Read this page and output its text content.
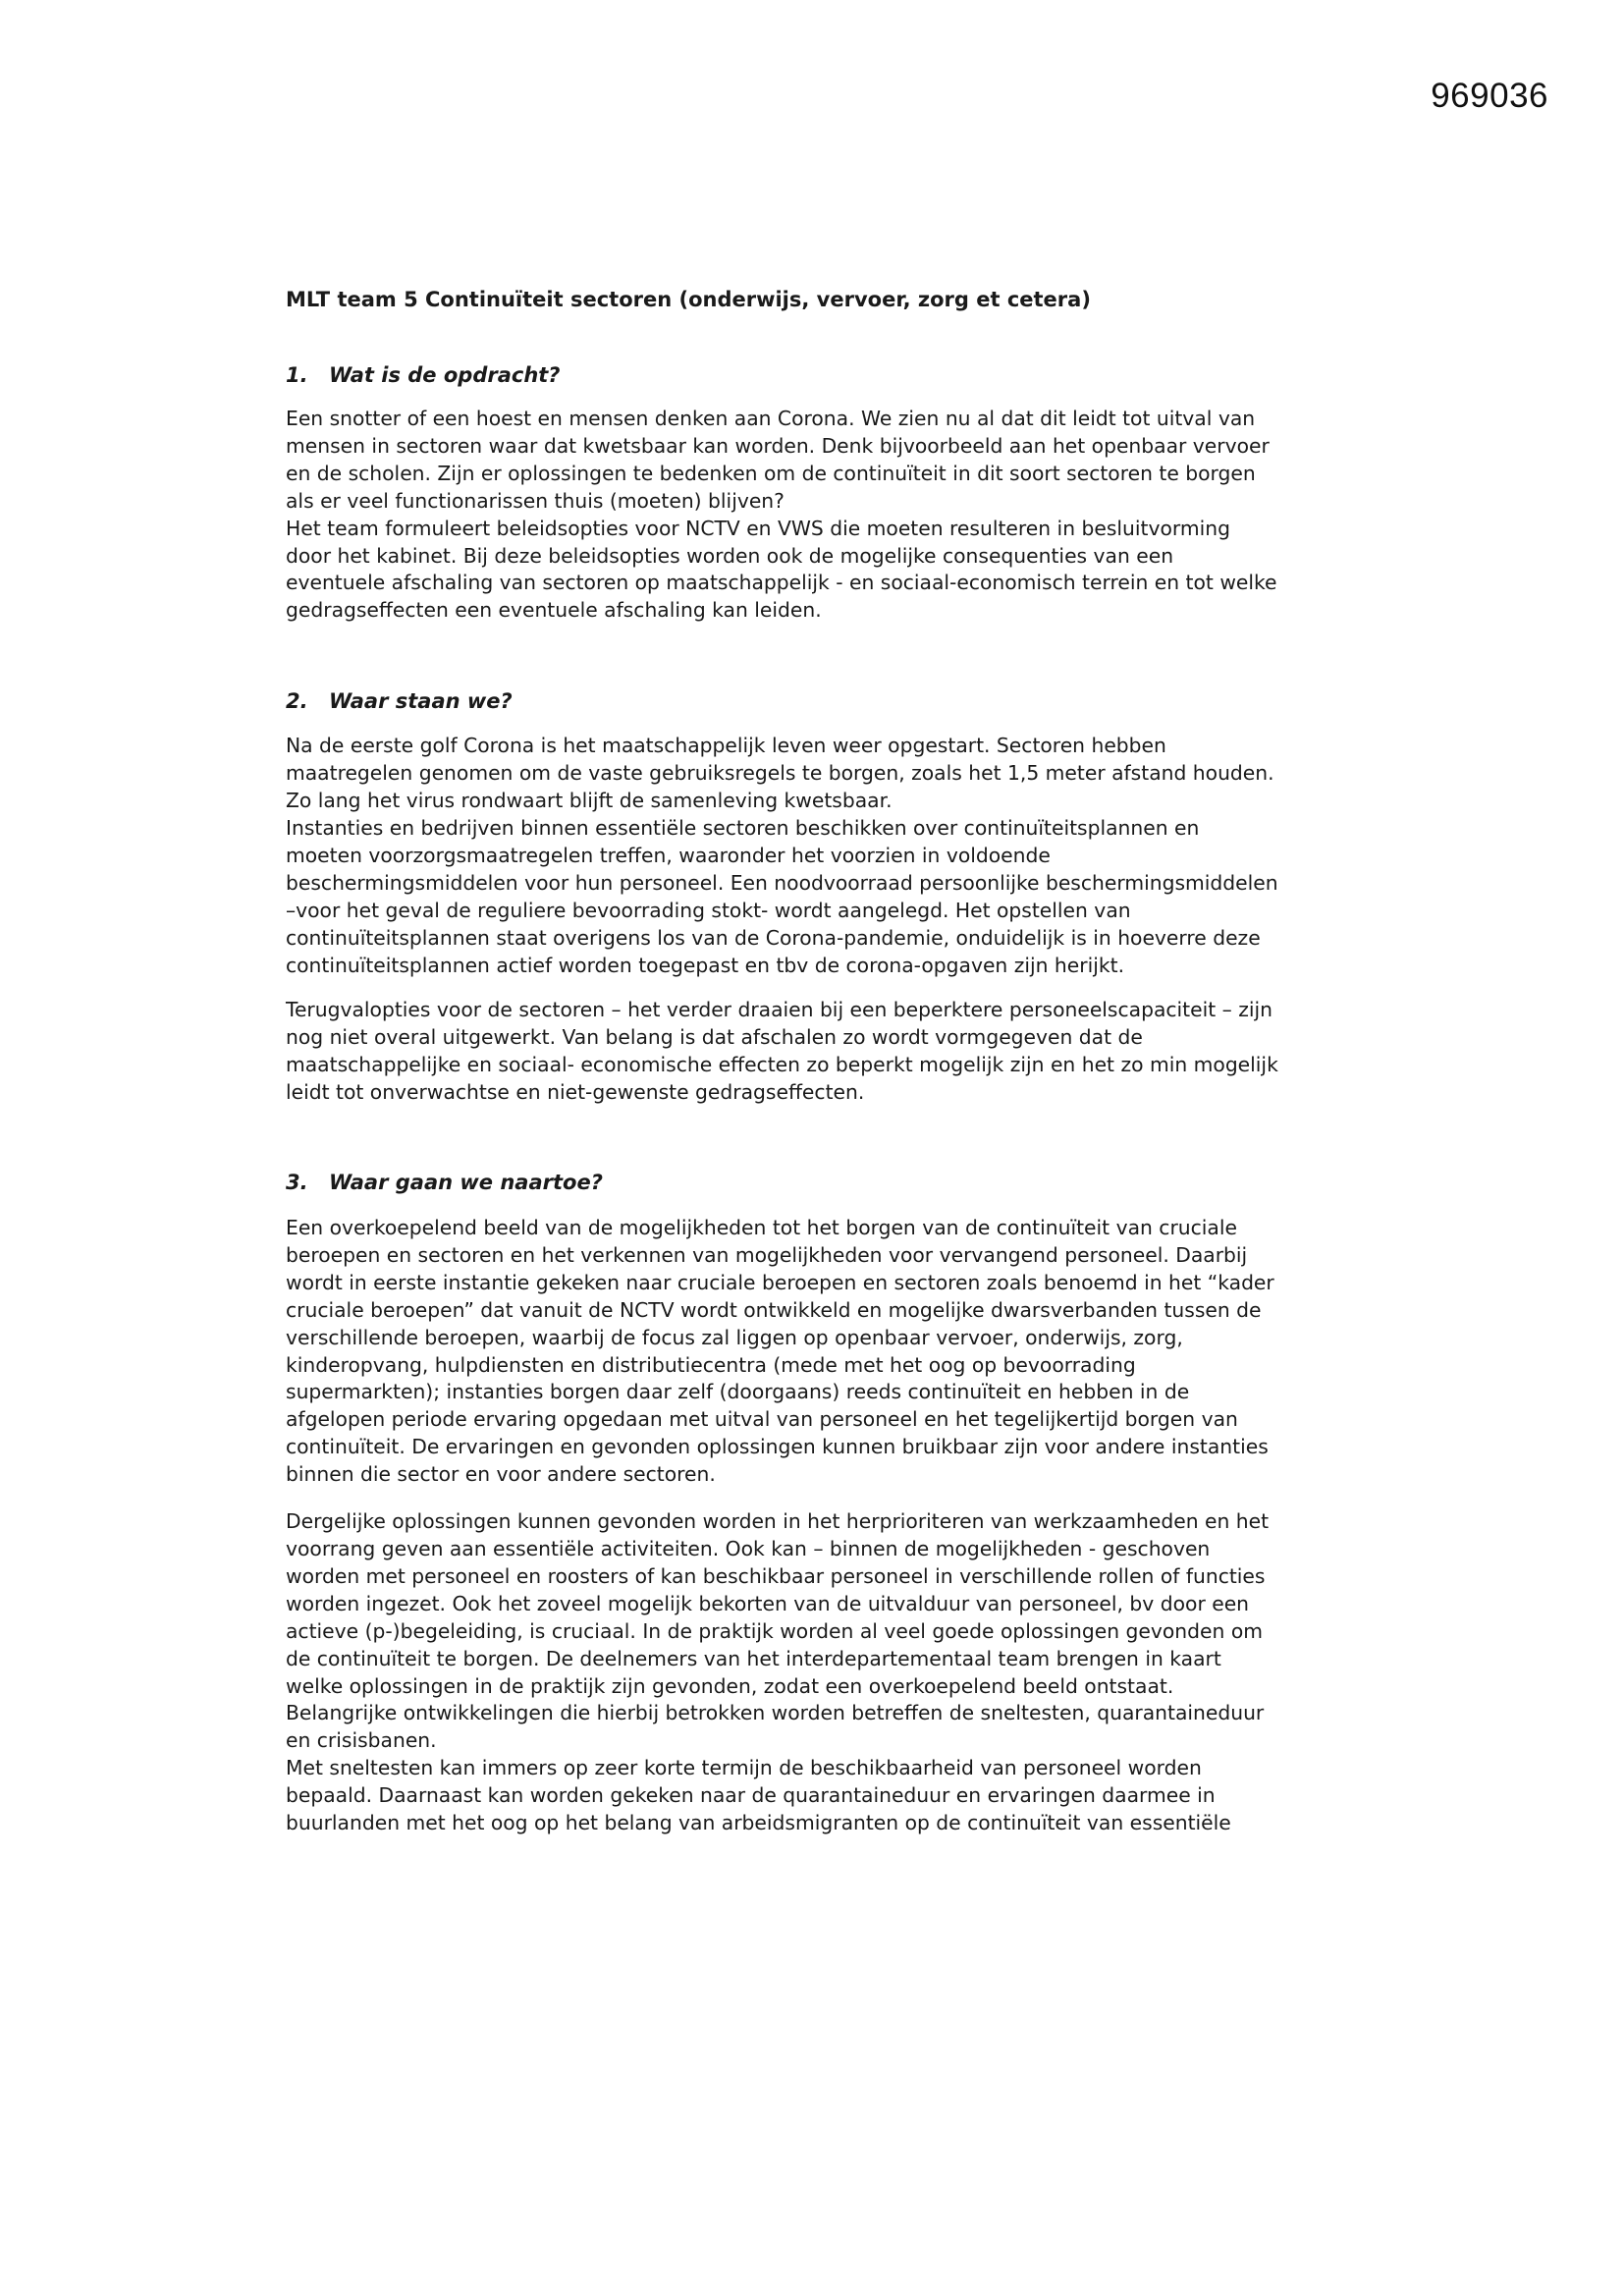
969036
MLT team 5 Continuïteit sectoren (onderwijs, vervoer, zorg et cetera)
1. Wat is de opdracht?

Een snotter of een hoest en mensen denken aan Corona. We zien nu al dat dit leidt tot uitval van
mensen in sectoren waar dat kwetsbaar kan worden. Denk bijvoorbeeld aan het openbaar vervoer
en de scholen. Zijn er oplossingen te bedenken om de continuïteit in dit soort sectoren te borgen
als er veel functionarissen thuis (moeten) blijven?
Het team formuleert beleidsopties voor NCTV en VWS die moeten resulteren in besluitvorming
door het kabinet. Bij deze beleidsopties worden ook de mogelijke consequenties van een
eventuele afschaling van sectoren op maatschappelijk - en sociaal-economisch terrein en tot welke
gedragseffecten een eventuele afschaling kan leiden.

2. Waar staan we?

Na de eerste golf Corona is het maatschappelijk leven weer opgestart. Sectoren hebben
maatregelen genomen om de vaste gebruiksregels te borgen, zoals het 1,5 meter afstand houden.
Zo lang het virus rondwaart blijft de samenleving kwetsbaar.
Instanties en bedrijven binnen essentiële sectoren beschikken over continuïteitsplannen en
moeten voorzorgsmaatregelen treffen, waaronder het voorzien in voldoende
beschermingsmiddelen voor hun personeel. Een noodvoorraad persoonlijke beschermingsmiddelen
–voor het geval de reguliere bevoorrading stokt- wordt aangelegd. Het opstellen van
continuïteitsplannen staat overigens los van de Corona-pandemie, onduidelijk is in hoeverre deze
continuïteitsplannen actief worden toegepast en tbv de corona-opgaven zijn herijkt.

Terugvalopties voor de sectoren – het verder draaien bij een beperktere personeelscapaciteit – zijn
nog niet overal uitgewerkt. Van belang is dat afschalen zo wordt vormgegeven dat de
maatschappelijke en sociaal- economische effecten zo beperkt mogelijk zijn en het zo min mogelijk
leidt tot onverwachtse en niet-gewenste gedragseffecten.

3. Waar gaan we naartoe?

Een overkoepelend beeld van de mogelijkheden tot het borgen van de continuïteit van cruciale
beroepen en sectoren en het verkennen van mogelijkheden voor vervangend personeel. Daarbij
wordt in eerste instantie gekeken naar cruciale beroepen en sectoren zoals benoemd in het “kader
cruciale beroepen” dat vanuit de NCTV wordt ontwikkeld en mogelijke dwarsverbanden tussen de
verschillende beroepen, waarbij de focus zal liggen op openbaar vervoer, onderwijs, zorg,
kinderopvang, hulpdiensten en distributiecentra (mede met het oog op bevoorrading
supermarkten); instanties borgen daar zelf (doorgaans) reeds continuïteit en hebben in de
afgelopen periode ervaring opgedaan met uitval van personeel en het tegelijkertijd borgen van
continuïteit. De ervaringen en gevonden oplossingen kunnen bruikbaar zijn voor andere instanties
binnen die sector en voor andere sectoren.

Dergelijke oplossingen kunnen gevonden worden in het herprioriteren van werkzaamheden en het
voorrang geven aan essentiële activiteiten. Ook kan – binnen de mogelijkheden - geschoven
worden met personeel en roosters of kan beschikbaar personeel in verschillende rollen of functies
worden ingezet. Ook het zoveel mogelijk bekorten van de uitvalduur van personeel, bv door een
actieve (p-)begeleiding, is cruciaal. In de praktijk worden al veel goede oplossingen gevonden om
de continuïteit te borgen. De deelnemers van het interdepartementaal team brengen in kaart
welke oplossingen in de praktijk zijn gevonden, zodat een overkoepelend beeld ontstaat.
Belangrijke ontwikkelingen die hierbij betrokken worden betreffen de sneltesten, quarantaineduur
en crisisbanen.
Met sneltesten kan immers op zeer korte termijn de beschikbaarheid van personeel worden
bepaald. Daarnaast kan worden gekeken naar de quarantaineduur en ervaringen daarmee in
buurlanden met het oog op het belang van arbeidsmigranten op de continuïteit van essentiële
